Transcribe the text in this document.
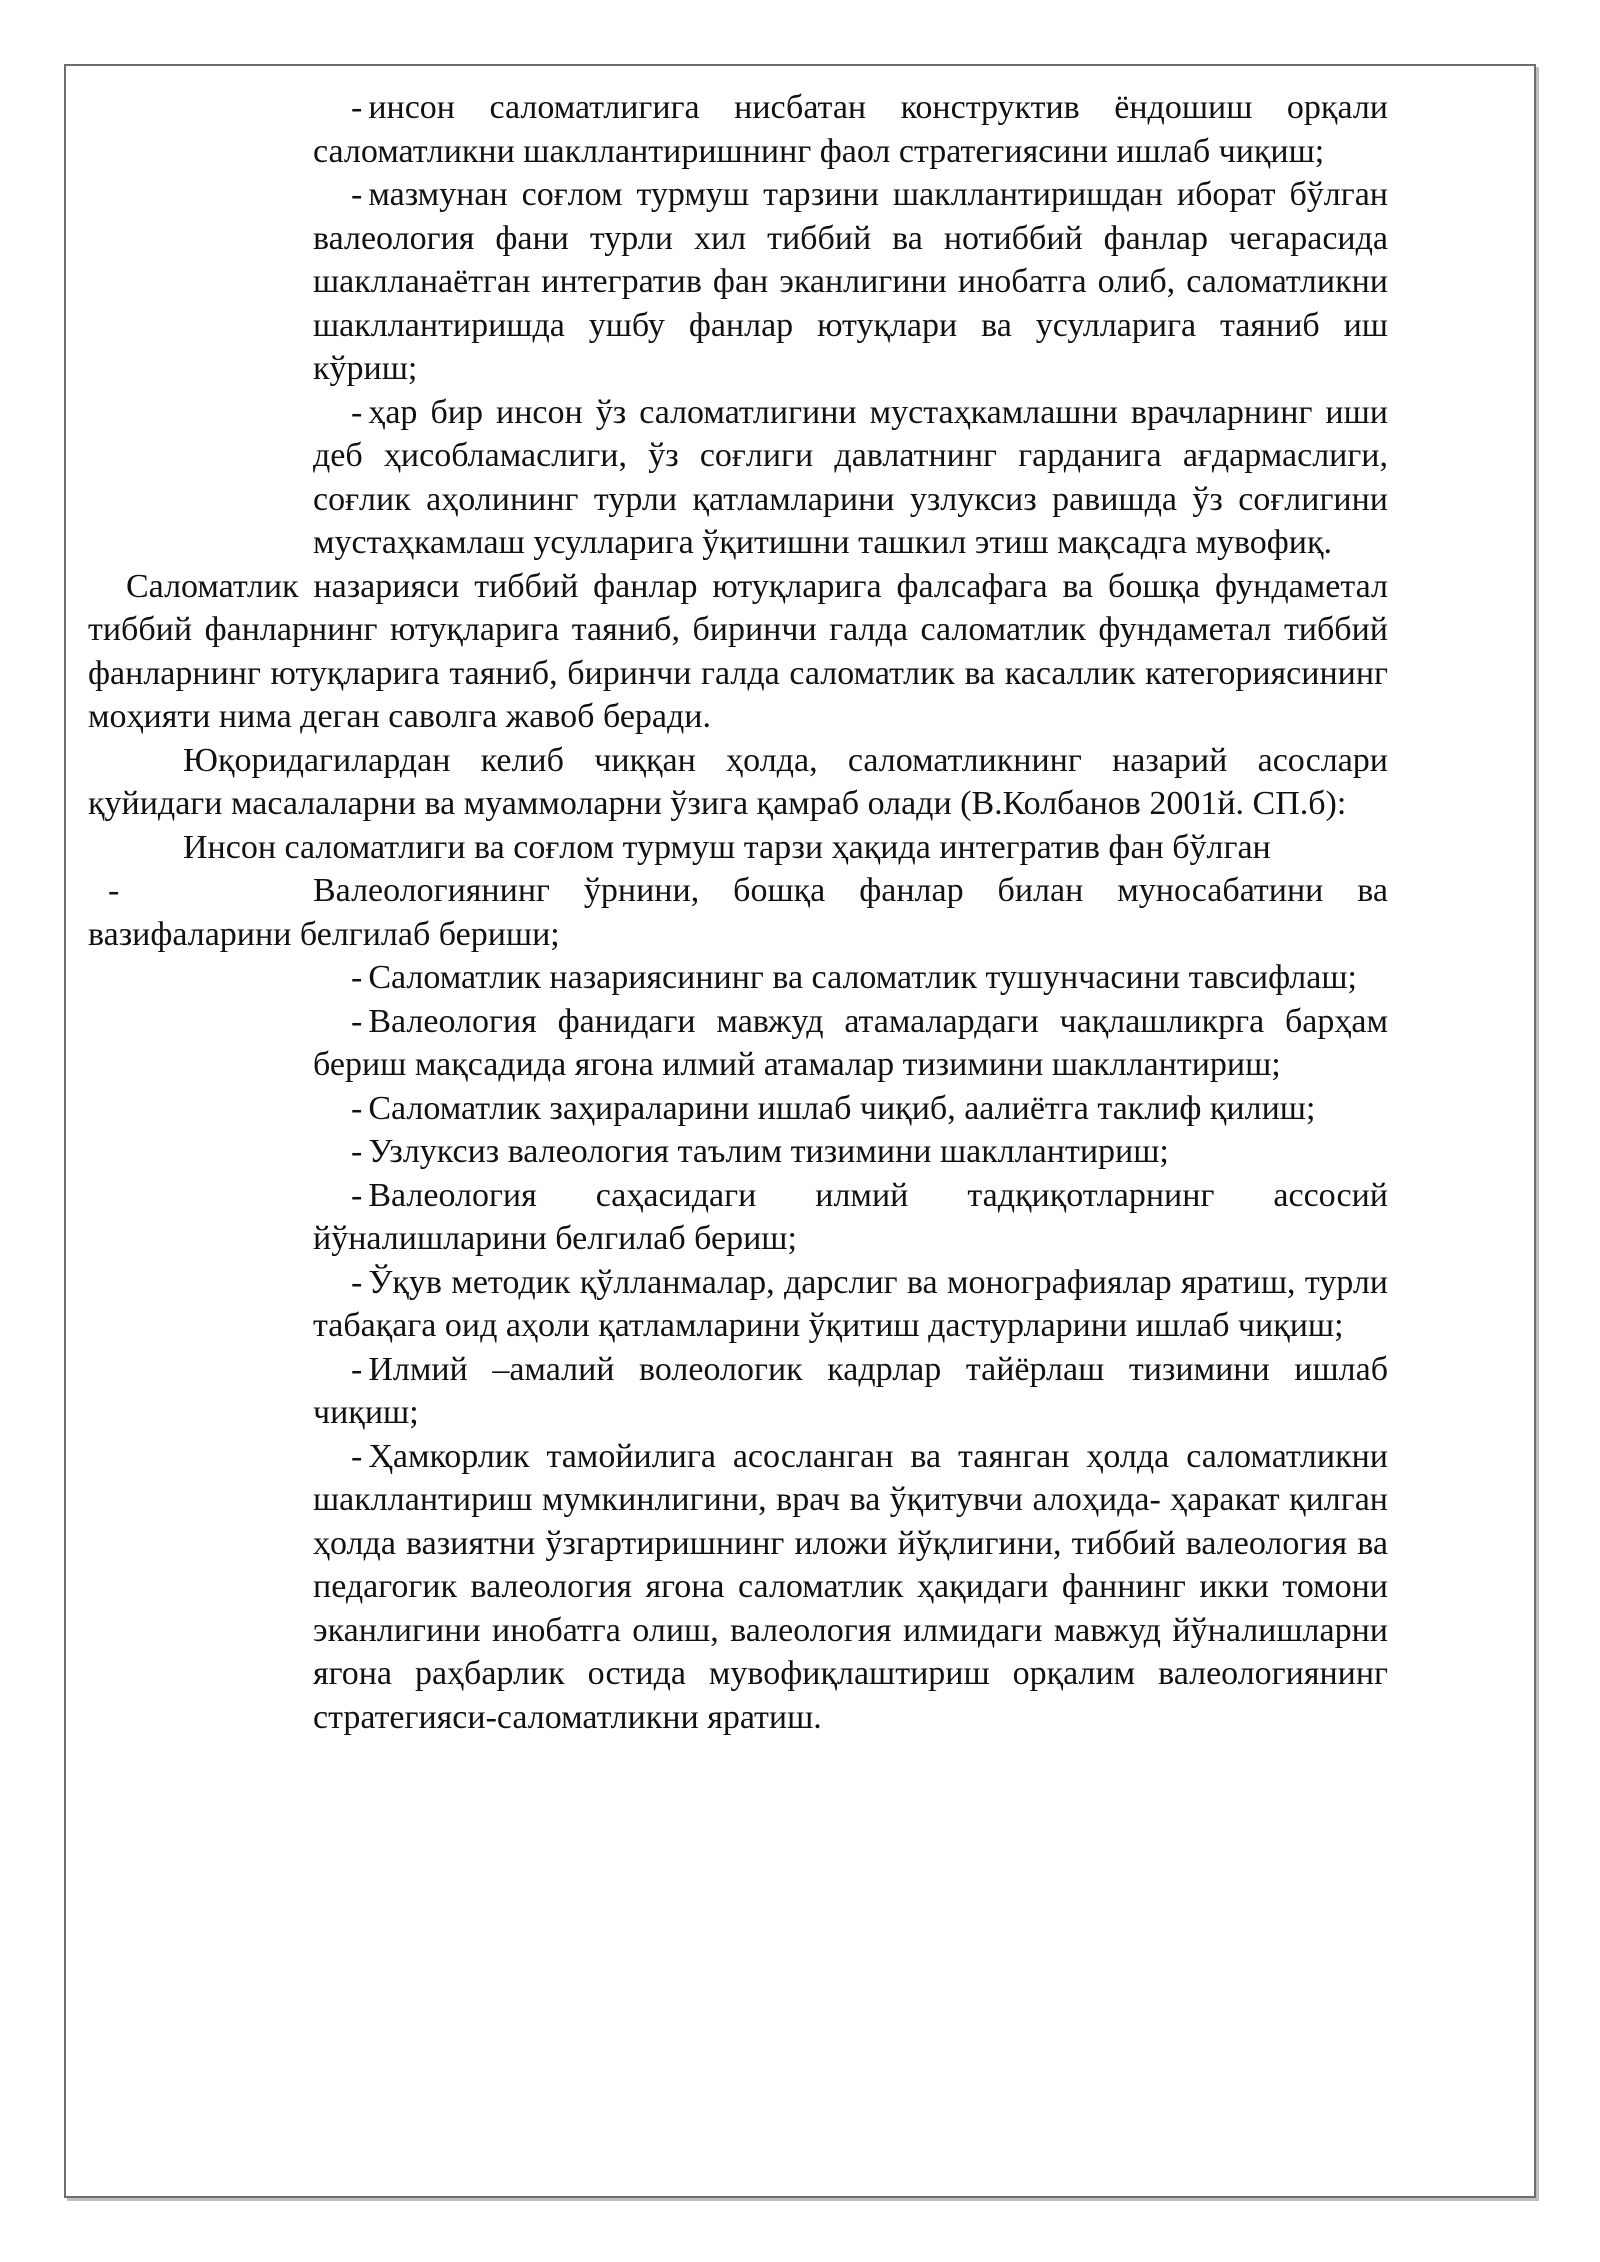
- инсон саломатлигига нисбатан конструктив ёндошиш орқали саломатликни шакллантиришнинг фаол стратегиясини ишлаб чиқиш;

- мазмунан соғлом турмуш тарзини шакллантиришдан иборат бўлган валеология фани турли хил тиббий ва нотиббий фанлар чегарасида шаклланаётган интегратив фан эканлигини инобатга олиб, саломатликни шакллантиришда ушбу фанлар ютуқлари ва усулларига таяниб иш кўриш;

- ҳар бир инсон ўз саломатлигини мустаҳкамлашни врачларнинг иши деб ҳисобламаслиги, ўз соғлиги давлатнинг гарданига ағдармаслиги, соғлик аҳолининг турли қатламларини узлуксиз равишда ўз соғлигини мустаҳкамлаш усулларига ўқитишни ташкил этиш мақсадга мувофиқ.

Саломатлик назарияси тиббий фанлар ютуқларига фалсафага ва бошқа фундаметал тиббий фанларнинг ютуқларига таяниб, биринчи галда саломатлик фундаметал тиббий фанларнинг ютуқларига таяниб, биринчи галда саломатлик ва касаллик категориясининг моҳияти нима деган саволга жавоб беради.

Юқоридагилардан келиб чиққан ҳолда, саломатликнинг назарий асослари қуйидаги масалаларни ва муаммоларни ўзига қамраб олади (В.Колбанов 2001й. СП.б):

Инсон саломатлиги ва соғлом турмуш тарзи ҳақида интегратив фан бўлган

-	Валеологиянинг ўрнини, бошқа фанлар билан муносабатини ва вазифаларини белгилаб бериши;

- Саломатлик назариясининг ва саломатлик тушунчасини тавсифлаш;

- Валеология фанидаги мавжуд атамалардаги чақлашликрга барҳам бериш мақсадида ягона илмий атамалар тизимини шакллантириш;

- Саломатлик заҳираларини ишлаб чиқиб, аалиётга таклиф қилиш;

- Узлуксиз валеология таълим тизимини шакллантириш;

- Валеология саҳасидаги илмий тадқиқотларнинг ассосий йўналишларини белгилаб бериш;

- Ўқув методик қўлланмалар, дарслиг ва монографиялар яратиш, турли табақага оид аҳоли қатламларини ўқитиш дастурларини ишлаб чиқиш;

- Илмий –амалий волеологик кадрлар тайёрлаш тизимини ишлаб чиқиш;

- Ҳамкорлик тамойилига асосланган ва таянган ҳолда саломатликни шакллантириш мумкинлигини, врач ва ўқитувчи алоҳида- ҳаракат қилган ҳолда вазиятни ўзгартиришнинг иложи йўқлигини, тиббий валеология ва педагогик валеология ягона саломатлик ҳақидаги фаннинг икки томони эканлигини инобатга олиш, валеология илмидаги мавжуд йўналишларни ягона раҳбарлик остида мувофиқлаштириш орқалим валеологиянинг стратегияси-саломатликни яратиш.
